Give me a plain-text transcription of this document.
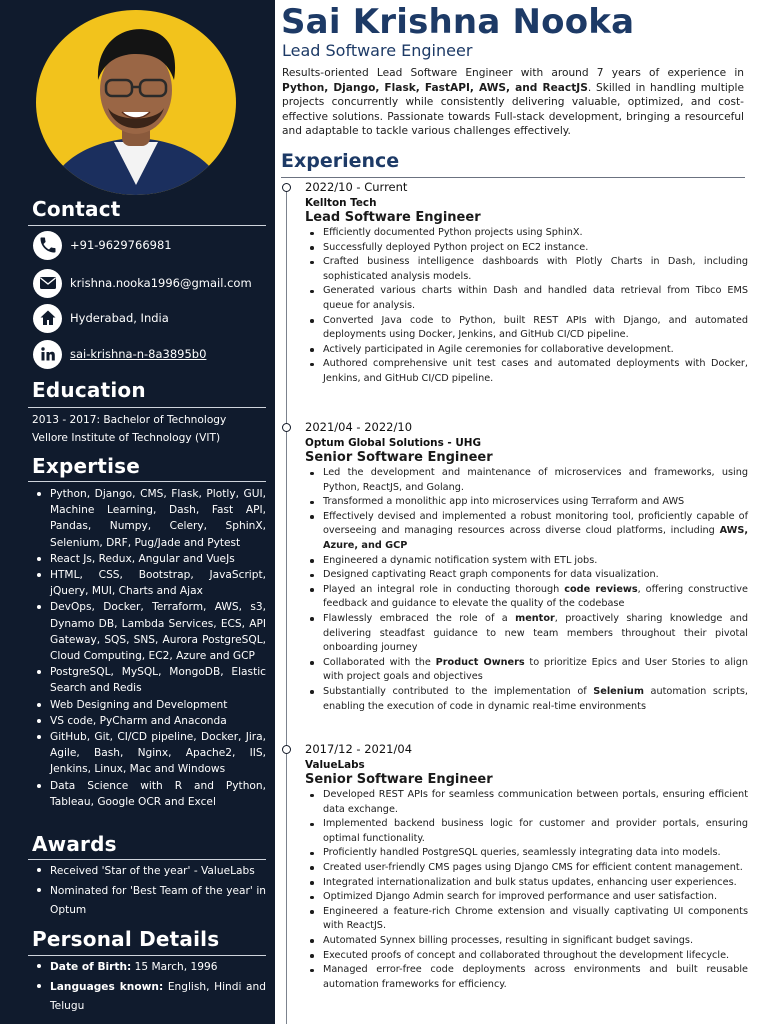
Contact
+91-9629766981
krishna.nooka1996@gmail.com
Hyderabad, India
sai-krishna-n-8a3895b0
Education
2013 - 2017: Bachelor of Technology
Vellore Institute of Technology (VIT)
Expertise
Python, Django, CMS, Flask, Plotly, GUI, Machine Learning, Dash, Fast API, Pandas, Numpy, Celery, SphinX, Selenium, DRF, Pug/Jade and Pytest
React Js, Redux, Angular and VueJs
HTML, CSS, Bootstrap, JavaScript, jQuery, MUI, Charts and Ajax
DevOps, Docker, Terraform, AWS, s3, Dynamo DB, Lambda Services, ECS, API Gateway, SQS, SNS, Aurora PostgreSQL, Cloud Computing, EC2, Azure and GCP
PostgreSQL, MySQL, MongoDB, Elastic Search and Redis
Web Designing and Development
VS code, PyCharm and Anaconda
GitHub, Git, CI/CD pipeline, Docker, Jira, Agile, Bash, Nginx, Apache2, IIS, Jenkins, Linux, Mac and Windows
Data Science with R and Python, Tableau, Google OCR and Excel
Awards
Received 'Star of the year' - ValueLabs
Nominated for 'Best Team of the year' in Optum
Personal Details
Date of Birth: 15 March, 1996
Languages known: English, Hindi and Telugu
Sai Krishna Nooka
Lead Software Engineer
Results-oriented Lead Software Engineer with around 7 years of experience in Python, Django, Flask, FastAPI, AWS, and ReactJS. Skilled in handling multiple projects concurrently while consistently delivering valuable, optimized, and cost-effective solutions. Passionate towards Full-stack development, bringing a resourceful and adaptable to tackle various challenges effectively.
Experience
2022/10 - Current
Kellton Tech
Lead Software Engineer
Efficiently documented Python projects using SphinX.
Successfully deployed Python project on EC2 instance.
Crafted business intelligence dashboards with Plotly Charts in Dash, including sophisticated analysis models.
Generated various charts within Dash and handled data retrieval from Tibco EMS queue for analysis.
Converted Java code to Python, built REST APIs with Django, and automated deployments using Docker, Jenkins, and GitHub CI/CD pipeline.
Actively participated in Agile ceremonies for collaborative development.
Authored comprehensive unit test cases and automated deployments with Docker, Jenkins, and GitHub CI/CD pipeline.
2021/04 - 2022/10
Optum Global Solutions - UHG
Senior Software Engineer
Led the development and maintenance of microservices and frameworks, using Python, ReactJS, and Golang.
Transformed a monolithic app into microservices using Terraform and AWS
Effectively devised and implemented a robust monitoring tool, proficiently capable of overseeing and managing resources across diverse cloud platforms, including AWS, Azure, and GCP
Engineered a dynamic notification system with ETL jobs.
Designed captivating React graph components for data visualization.
Played an integral role in conducting thorough code reviews, offering constructive feedback and guidance to elevate the quality of the codebase
Flawlessly embraced the role of a mentor, proactively sharing knowledge and delivering steadfast guidance to new team members throughout their pivotal onboarding journey
Collaborated with the Product Owners to prioritize Epics and User Stories to align with project goals and objectives
Substantially contributed to the implementation of Selenium automation scripts, enabling the execution of code in dynamic real-time environments
2017/12 - 2021/04
ValueLabs
Senior Software Engineer
Developed REST APIs for seamless communication between portals, ensuring efficient data exchange.
Implemented backend business logic for customer and provider portals, ensuring optimal functionality.
Proficiently handled PostgreSQL queries, seamlessly integrating data into models.
Created user-friendly CMS pages using Django CMS for efficient content management.
Integrated internationalization and bulk status updates, enhancing user experiences.
Optimized Django Admin search for improved performance and user satisfaction.
Engineered a feature-rich Chrome extension and visually captivating UI components with ReactJS.
Automated Synnex billing processes, resulting in significant budget savings.
Executed proofs of concept and collaborated throughout the development lifecycle.
Managed error-free code deployments across environments and built reusable automation frameworks for efficiency.
